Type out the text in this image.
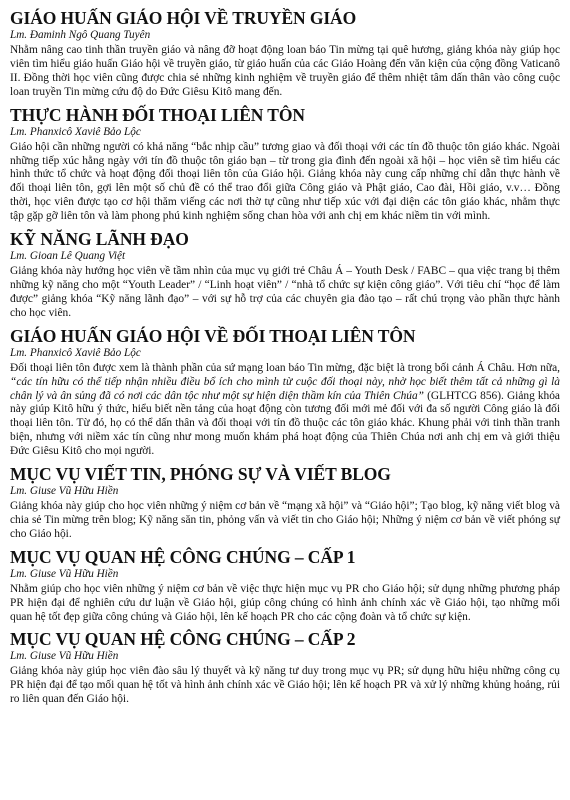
GIÁO HUẤN GIÁO HỘI VỀ TRUYỀN GIÁO
Lm. Đaminh Ngô Quang Tuyên

Nhằm nâng cao tinh thần truyền giáo và nâng đỡ hoạt động loan báo Tin mừng tại quê hương, giảng khóa này giúp học viên tìm hiểu giáo huấn Giáo hội về truyền giáo, từ giáo huấn của các Giáo Hoàng đến văn kiện của cộng đồng Vaticanô II. Đồng thời học viên cũng được chia sẻ những kinh nghiệm về truyền giáo để thêm nhiệt tâm dấn thân vào công cuộc loan truyền Tin mừng cứu độ do Đức Giêsu Kitô mang đến.

THỰC HÀNH ĐỐI THOẠI LIÊN TÔN
Lm. Phanxicô Xaviê Bảo Lộc

Giáo hội cần những người có khả năng “bắc nhịp cầu” tương giao và đối thoại với các tín đồ thuộc tôn giáo khác. Ngoài những tiếp xúc hằng ngày với tín đồ thuộc tôn giáo bạn – từ trong gia đình đến ngoài xã hội – học viên sẽ tìm hiểu các hình thức tổ chức và hoạt động đối thoại liên tôn của Giáo hội. Giảng khóa này cung cấp những chỉ dẫn thực hành về đối thoại liên tôn, gợi lên một số chủ đề có thể trao đổi giữa Công giáo và Phật giáo, Cao đài, Hồi giáo, v.v… Đồng thời, học viên được tạo cơ hội thăm viếng các nơi thờ tự cũng như tiếp xúc với đại diện các tôn giáo khác, nhằm thực tập gặp gỡ liên tôn và làm phong phú kinh nghiệm sống chan hòa với anh chị em khác niềm tin với mình.

KỸ NĂNG LÃNH ĐẠO
Lm. Gioan Lê Quang Việt

Giảng khóa này hướng học viên về tầm nhìn của mục vụ giới trẻ Châu Á – Youth Desk / FABC – qua việc trang bị thêm những kỹ năng cho một “Youth Leader” / “Linh hoạt viên” / “nhà tổ chức sự kiện công giáo”. Với tiêu chí “học để làm được” giảng khóa “Kỹ năng lãnh đạo” – với sự hỗ trợ của các chuyên gia đào tạo – rất chú trọng vào phần thực hành cho học viên.

GIÁO HUẤN GIÁO HỘI VỀ ĐỐI THOẠI LIÊN TÔN
Lm. Phanxicô Xaviê Bảo Lộc

Đối thoại liên tôn được xem là thành phần của sứ mạng loan báo Tin mừng, đặc biệt là trong bối cảnh Á Châu. Hơn nữa, “các tín hữu có thể tiếp nhận nhiều điều bổ ích cho mình từ cuộc đối thoại này, nhờ học biết thêm tất cả những gì là chân lý và ân sủng đã có nơi các dân tộc như một sự hiện diện thầm kín của Thiên Chúa” (GLHTCG 856). Giảng khóa này giúp Kitô hữu ý thức, hiểu biết nền tảng của hoạt động còn tương đối mới mẻ đối với đa số người Công giáo là đối thoại liên tôn. Từ đó, họ có thể dấn thân và đối thoại với tín đồ thuộc các tôn giáo khác. Khung phải với tinh thần tranh biện, nhưng với niềm xác tín cũng như mong muốn khám phá hoạt động của Thiên Chúa nơi anh chị em và giới thiệu Đức Giêsu Kitô cho mọi người.

MỤC VỤ VIẾT TIN, PHÓNG SỰ VÀ VIẾT BLOG
Lm. Giuse Vũ Hữu Hiền

Giảng khóa này giúp cho học viên những ý niệm cơ bản về “mạng xã hội” và “Giáo hội”; Tạo blog, kỹ năng viết blog và chia sẻ Tin mừng trên blog; Kỹ năng săn tin, phỏng vấn và viết tin cho Giáo hội; Những ý niệm cơ bản về viết phóng sự cho Giáo hội.

MỤC VỤ QUAN HỆ CÔNG CHÚNG – CẤP 1
Lm. Giuse Vũ Hữu Hiền

Nhằm giúp cho học viên những ý niệm cơ bản về việc thực hiện mục vụ PR cho Giáo hội; sử dụng những phương pháp PR hiện đại để nghiên cứu dư luận về Giáo hội, giúp công chúng có hình ảnh chính xác về Giáo hội, tạo những mối quan hệ tốt đẹp giữa công chúng và Giáo hội, lên kế hoạch PR cho các cộng đoàn và tổ chức sự kiện.

MỤC VỤ QUAN HỆ CÔNG CHÚNG – CẤP 2
Lm. Giuse Vũ Hữu Hiền

Giảng khóa này giúp học viên đào sâu lý thuyết và kỹ năng tư duy trong mục vụ PR; sử dụng hữu hiệu những công cụ PR hiện đại để tạo mối quan hệ tốt và hình ảnh chính xác về Giáo hội; lên kế hoạch PR và xử lý những khủng hoảng, rủi ro liên quan đến Giáo hội.
